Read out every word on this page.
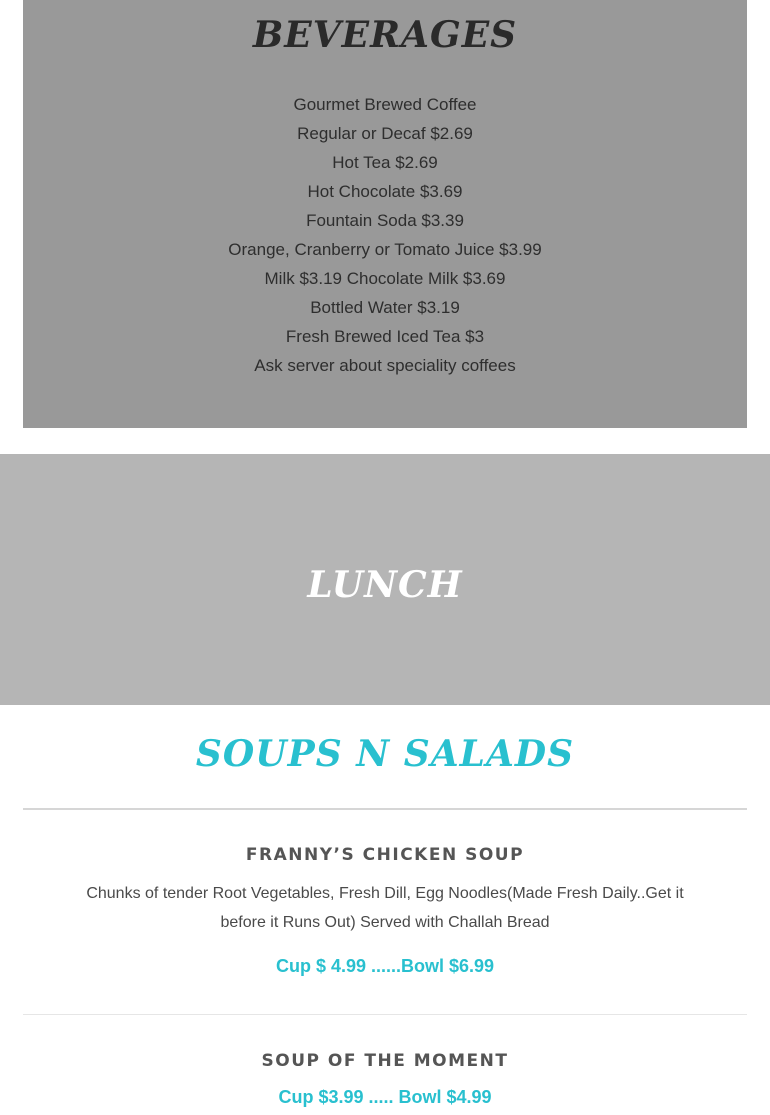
BEVERAGES
Gourmet Brewed Coffee
Regular or Decaf $2.69
Hot Tea $2.69
Hot Chocolate $3.69
Fountain Soda $3.39
Orange, Cranberry or Tomato Juice $3.99
Milk $3.19 Chocolate Milk $3.69
Bottled Water $3.19
Fresh Brewed Iced Tea $3
Ask server about speciality coffees
LUNCH
SOUPS N SALADS
FRANNY’S CHICKEN SOUP

Chunks of tender Root Vegetables, Fresh Dill, Egg Noodles(Made Fresh Daily..Get it before it Runs Out) Served with Challah Bread

Cup $ 4.99 ......Bowl $6.99

SOUP OF THE MOMENT

Cup $3.99 ..... Bowl $4.99
